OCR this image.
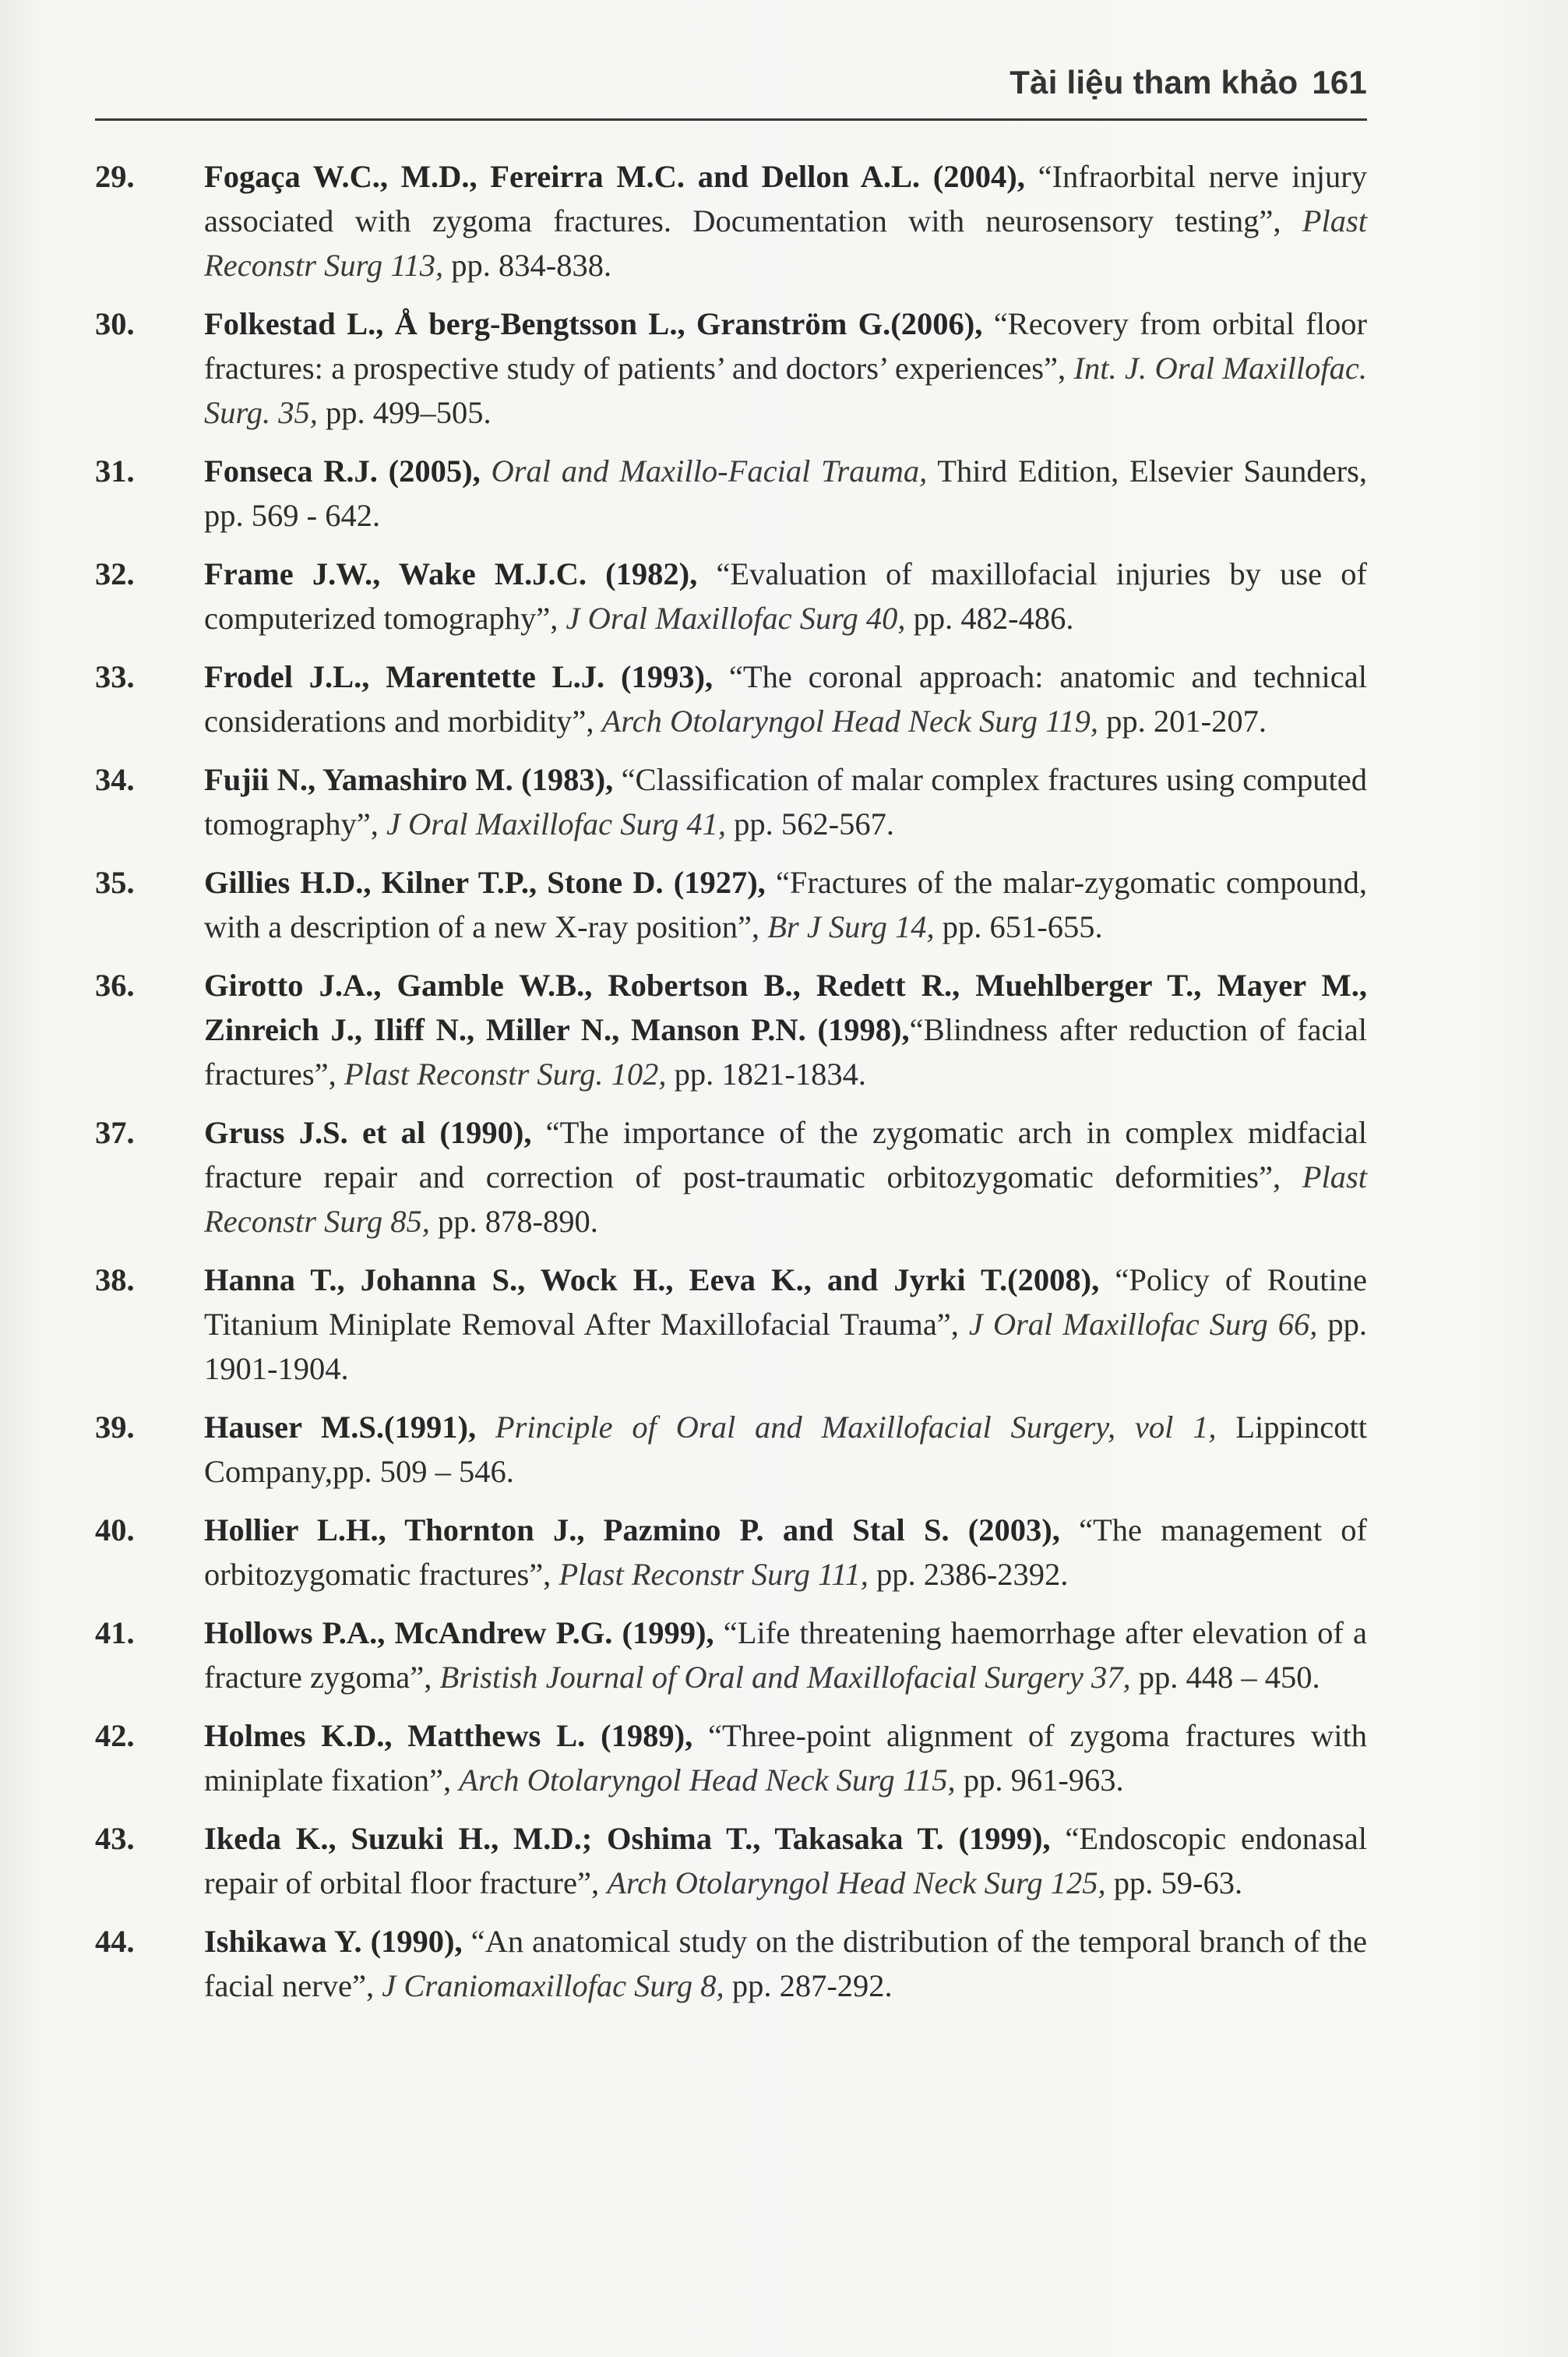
Tài liệu tham khảo 161
29.	Fogaça W.C., M.D., Fereirra M.C. and Dellon A.L. (2004), “Infraorbital nerve injury associated with zygoma fractures. Documentation with neurosensory testing”, Plast Reconstr Surg 113, pp. 834-838.
30.	Folkestad L., Å berg-Bengtsson L., Granström G.(2006), “Recovery from orbital floor fractures: a prospective study of patients’ and doctors’ experiences”, Int. J. Oral Maxillofac. Surg. 35, pp. 499–505.
31.	Fonseca R.J. (2005), Oral and Maxillo-Facial Trauma, Third Edition, Elsevier Saunders, pp. 569 - 642.
32.	Frame J.W., Wake M.J.C. (1982), “Evaluation of maxillofacial injuries by use of computerized tomography”, J Oral Maxillofac Surg 40, pp. 482-486.
33.	Frodel J.L., Marentette L.J. (1993), “The coronal approach: anatomic and technical considerations and morbidity”, Arch Otolaryngol Head Neck Surg 119, pp. 201-207.
34.	Fujii N., Yamashiro M. (1983), “Classification of malar complex fractures using computed tomography”, J Oral Maxillofac Surg 41, pp. 562-567.
35.	Gillies H.D., Kilner T.P., Stone D. (1927), “Fractures of the malar-zygomatic compound, with a description of a new X-ray position”, Br J Surg 14, pp. 651-655.
36.	Girotto J.A., Gamble W.B., Robertson B., Redett R., Muehlberger T., Mayer M., Zinreich J., Iliff N., Miller N., Manson P.N. (1998),“Blindness after reduction of facial fractures”, Plast Reconstr Surg. 102, pp. 1821-1834.
37.	Gruss J.S. et al (1990), “The importance of the zygomatic arch in complex midfacial fracture repair and correction of post-traumatic orbitozygomatic deformities”, Plast Reconstr Surg 85, pp. 878-890.
38.	Hanna T., Johanna S., Wock H., Eeva K., and Jyrki T.(2008), “Policy of Routine Titanium Miniplate Removal After Maxillofacial Trauma”, J Oral Maxillofac Surg 66, pp. 1901-1904.
39.	Hauser M.S.(1991), Principle of Oral and Maxillofacial Surgery, vol 1, Lippincott Company,pp. 509 – 546.
40.	Hollier L.H., Thornton J., Pazmino P. and Stal S. (2003), “The management of orbitozygomatic fractures”, Plast Reconstr Surg 111, pp. 2386-2392.
41.	Hollows P.A., McAndrew P.G. (1999), “Life threatening haemorrhage after elevation of a fracture zygoma”, Bristish Journal of Oral and Maxillofacial Surgery 37, pp. 448 – 450.
42.	Holmes K.D., Matthews L. (1989), “Three-point alignment of zygoma fractures with miniplate fixation”, Arch Otolaryngol Head Neck Surg 115, pp. 961-963.
43.	Ikeda K., Suzuki H., M.D.; Oshima T., Takasaka T. (1999), “Endoscopic endonasal repair of orbital floor fracture”, Arch Otolaryngol Head Neck Surg 125, pp. 59-63.
44.	Ishikawa Y. (1990), “An anatomical study on the distribution of the temporal branch of the facial nerve”, J Craniomaxillofac Surg 8, pp. 287-292.
